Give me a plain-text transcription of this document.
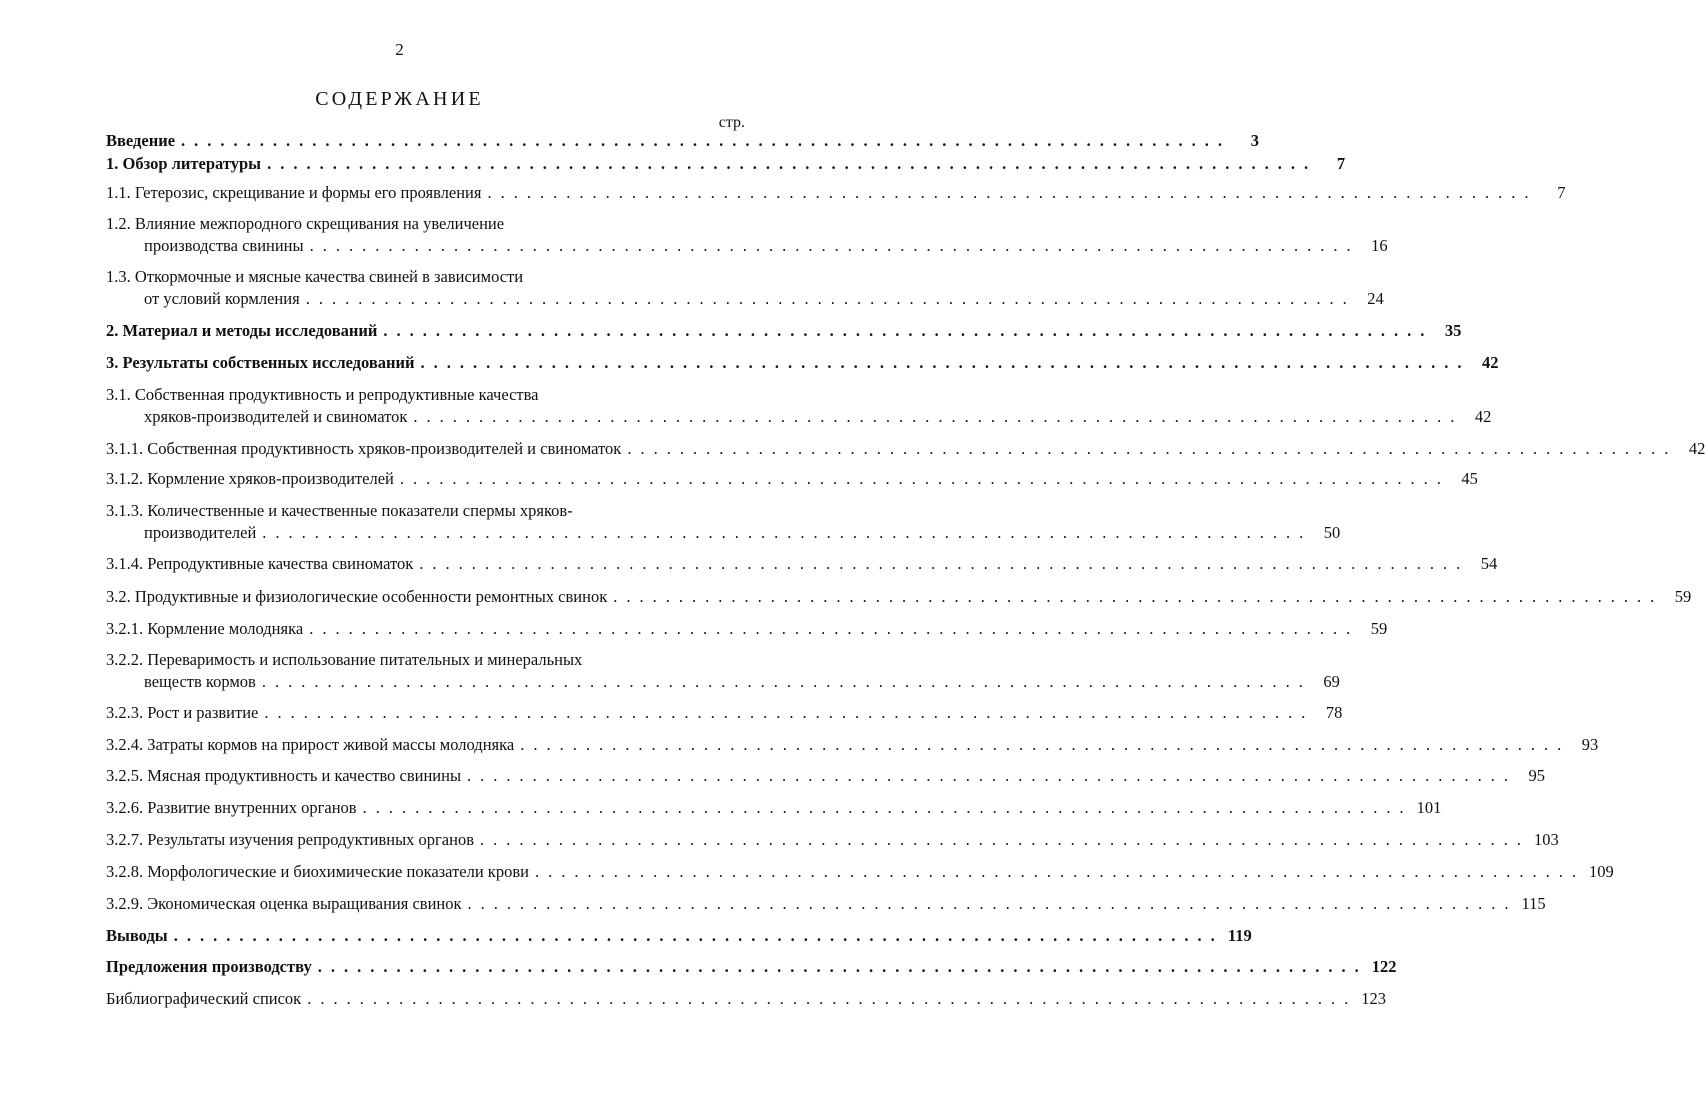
2
СОДЕРЖАНИЕ
стр.
Введение ................................................................................	3
1. Обзор литературы ................................................................................	7
1.1. Гетерозис, скрещивание и формы его проявления ................................................................................	7
1.2. Влияние межпородного скрещивания на увеличение
производства свинины ................................................................................ 16
1.3. Откормочные и мясные качества свиней в зависимости
от условий кормления ................................................................................ 24
2. Материал и методы исследований ................................................................................ 35
3. Результаты собственных исследований ................................................................................ 42
3.1. Собственная продуктивность и репродуктивные качества
хряков-производителей и свиноматок ................................................................................ 42
3.1.1. Собственная продуктивность хряков-производителей и свиноматок ................................................................................ 42
3.1.2. Кормление хряков-производителей ................................................................................ 45
3.1.3. Количественные и качественные показатели спермы хряков-
производителей ................................................................................ 50
3.1.4. Репродуктивные качества свиноматок ................................................................................ 54
3.2. Продуктивные и физиологические особенности ремонтных свинок ................................................................................ 59
3.2.1. Кормление молодняка ................................................................................ 59
3.2.2. Переваримость и использование питательных и минеральных
веществ кормов ................................................................................ 69
3.2.3. Рост и развитие ................................................................................ 78
3.2.4. Затраты кормов на прирост живой массы молодняка ................................................................................ 93
3.2.5. Мясная продуктивность и качество свинины ................................................................................ 95
3.2.6. Развитие внутренних органов ................................................................................ 101
3.2.7. Результаты изучения репродуктивных органов ................................................................................ 103
3.2.8. Морфологические и биохимические показатели крови ................................................................................ 109
3.2.9. Экономическая оценка выращивания свинок ................................................................................ 115
Выводы ................................................................................ 119
Предложения производству ................................................................................ 122
Библиографический список ................................................................................ 123
